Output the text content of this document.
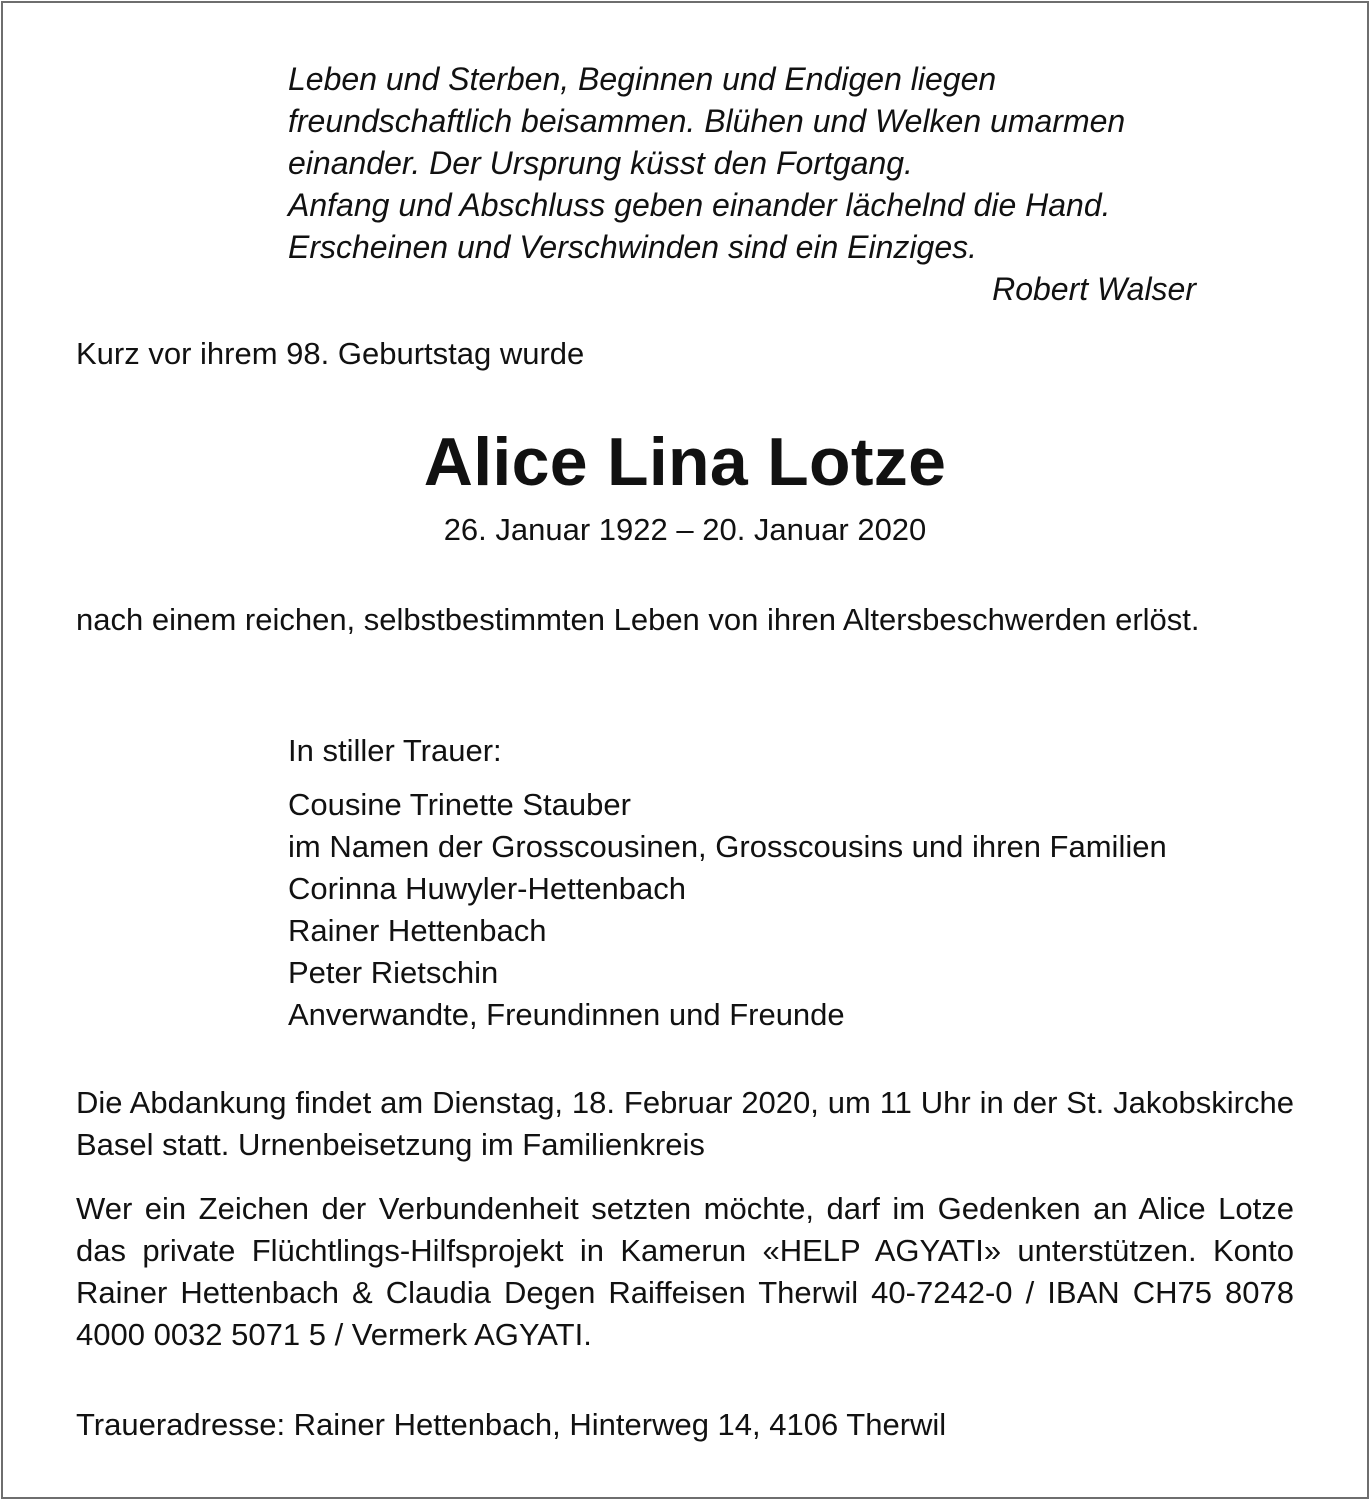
Leben und Sterben, Beginnen und Endigen liegen
freundschaftlich beisammen. Blühen und Welken umarmen
einander. Der Ursprung küsst den Fortgang.
Anfang und Abschluss geben einander lächelnd die Hand.
Erscheinen und Verschwinden sind ein Einziges.
Robert Walser
Kurz vor ihrem 98. Geburtstag wurde
Alice Lina Lotze
26. Januar 1922 – 20. Januar 2020
nach einem reichen, selbstbestimmten Leben von ihren Altersbeschwerden erlöst.
In stiller Trauer:
Cousine Trinette Stauber
im Namen der Grosscousinen, Grosscousins und ihren Familien
Corinna Huwyler-Hettenbach
Rainer Hettenbach
Peter Rietschin
Anverwandte, Freundinnen und Freunde
Die Abdankung findet am Dienstag, 18. Februar 2020, um 11 Uhr in der St. Jakobskirche Basel statt. Urnenbeisetzung im Familienkreis
Wer ein Zeichen der Verbundenheit setzten möchte, darf im Gedenken an Alice Lotze das private Flüchtlings-Hilfsprojekt in Kamerun «HELP AGYATI» unterstützen. Konto Rainer Hettenbach & Claudia Degen Raiffeisen Therwil 40-7242-0 / IBAN CH75 8078 4000 0032 5071 5 / Vermerk AGYATI.
Traueradresse: Rainer Hettenbach, Hinterweg 14, 4106 Therwil
